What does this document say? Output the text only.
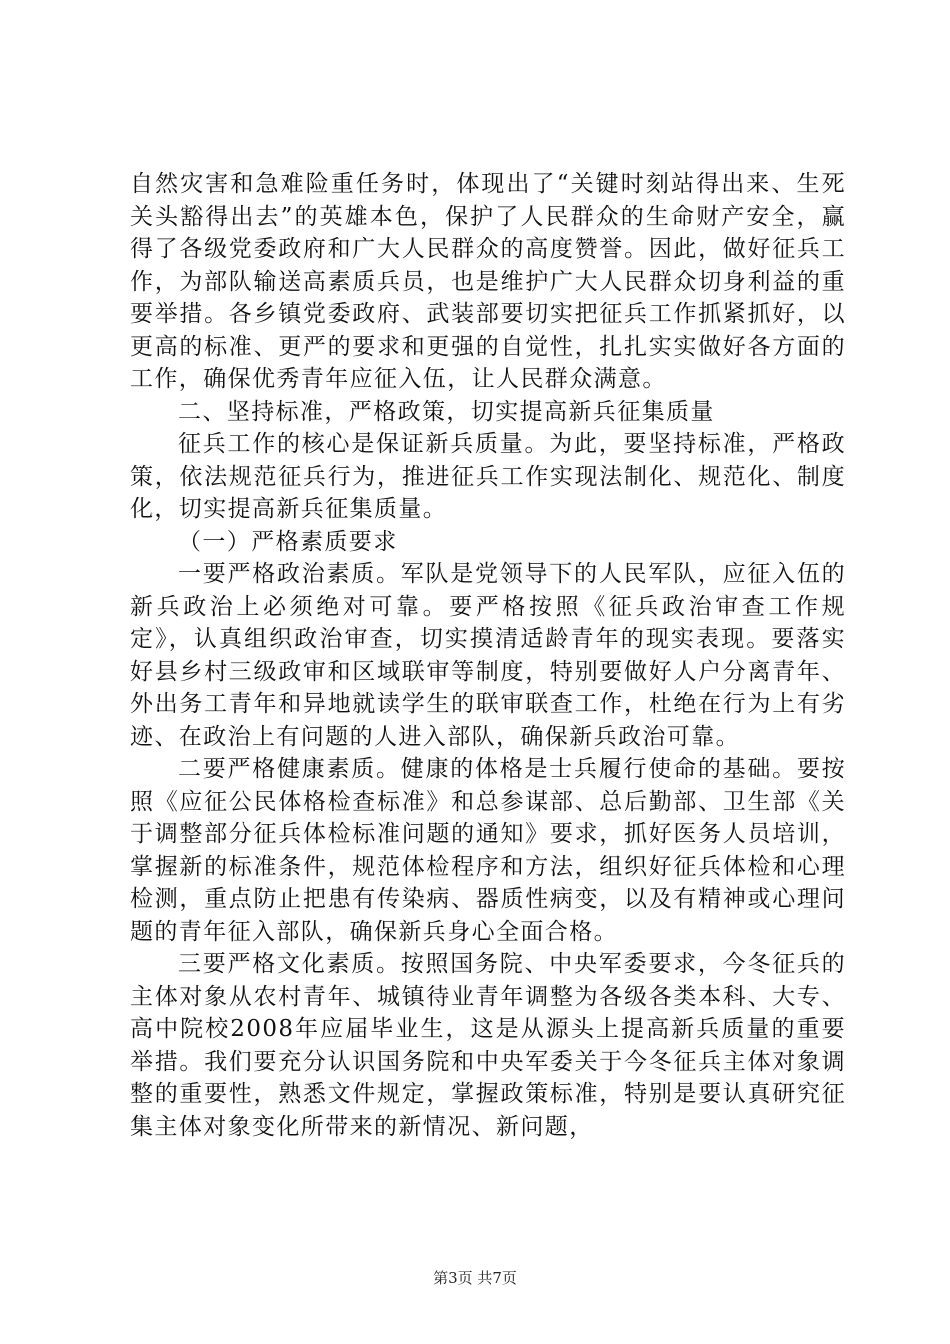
自然灾害和急难险重任务时，体现出了“关键时刻站得出来、生死关头豁得出去”的英雄本色，保护了人民群众的生命财产安全，赢得了各级党委政府和广大人民群众的高度赞誉。因此，做好征兵工作，为部队输送高素质兵员，也是维护广大人民群众切身利益的重要举措。各乡镇党委政府、武装部要切实把征兵工作抓紧抓好，以更高的标准、更严的要求和更强的自觉性，扎扎实实做好各方面的工作，确保优秀青年应征入伍，让人民群众满意。

二、坚持标准，严格政策，切实提高新兵征集质量

征兵工作的核心是保证新兵质量。为此，要坚持标准，严格政策，依法规范征兵行为，推进征兵工作实现法制化、规范化、制度化，切实提高新兵征集质量。

（一）严格素质要求

一要严格政治素质。军队是党领导下的人民军队，应征入伍的新兵政治上必须绝对可靠。要严格按照《征兵政治审查工作规定》，认真组织政治审查，切实摸清适龄青年的现实表现。要落实好县乡村三级政审和区域联审等制度，特别要做好人户分离青年、外出务工青年和异地就读学生的联审联查工作，杜绝在行为上有劣迹、在政治上有问题的人进入部队，确保新兵政治可靠。

二要严格健康素质。健康的体格是士兵履行使命的基础。要按照《应征公民体格检查标准》和总参谋部、总后勤部、卫生部《关于调整部分征兵体检标准问题的通知》要求，抓好医务人员培训，掌握新的标准条件，规范体检程序和方法，组织好征兵体检和心理检测，重点防止把患有传染病、器质性病变，以及有精神或心理问题的青年征入部队，确保新兵身心全面合格。

三要严格文化素质。按照国务院、中央军委要求，今冬征兵的主体对象从农村青年、城镇待业青年调整为各级各类本科、大专、高中院校2008年应届毕业生，这是从源头上提高新兵质量的重要举措。我们要充分认识国务院和中央军委关于今冬征兵主体对象调整的重要性，熟悉文件规定，掌握政策标准，特别是要认真研究征集主体对象变化所带来的新情况、新问题，

第3页 共7页
